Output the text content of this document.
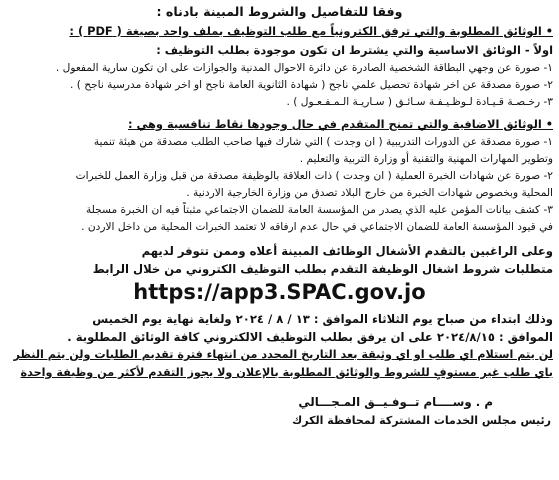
وفقا للتفاصيل والشروط المبينة بادناه :
• الوثائق المطلوبة والتي ترفق الكترونياً مع طلب التوظيف بملف واحد بصيغة ( PDF ) :
اولاً - الوثائق الاساسية والتي يشترط ان تكون موجودة بطلب التوظيف :
١- صورة عن وجهي البطاقة الشخصية الصادرة عن دائرة الاحوال المدنية والجوازات على ان تكون سارية المفعول .
٢- صورة مصدقة عن اخر شهادة تحصيل علمي ناجح ( شهادة الثانوية العامة ناجح او اخر شهادة مدرسية ناجح ) .
٣- رخـصـة قـيـادة لـوظـيـفـة سـائـق ( سـاريـة الـمـفـعـول ) .
• الوثائق الاضافية والتي تمنح المتقدم في حال وجودها نقاط تنافسية وهي :
١- صورة مصدقة عن الدورات التدريبية ( ان وجدت ) التي شارك فيها صاحب الطلب مصدقة من هيئة تنمية
وتطوير المهارات المهنية والتقنية أو وزارة التربية والتعليم .
٢- صورة عن شهادات الخبرة العملية ( ان وجدت ) ذات العلاقة بالوظيفة مصدقة من قبل وزارة العمل للخبرات
المحلية وبخصوص شهادات الخبرة من خارج البلاد تصدق من وزارة الخارجية الاردنية .
٣- كشف بيانات المؤمن عليه الذي يصدر من المؤسسة العامة للضمان الاجتماعي مثبتاً فيه ان الخبرة مسجلة
في قيود المؤسسة العامة للضمان الاجتماعي في حال عدم ارفاقه لا تعتمد الخبرات المحلية من داخل الاردن .
وعلى الراغبين بالتقدم الأشغال الوظائف المبينة أعلاه وممن تتوفر لديهم
متطلبات شروط اشغال الوظيفة التقدم بطلب التوظيف الكتروني من خلال الرابط
https://app3.SPAC.gov.jo
وذلك ابتداء من صباح يوم الثلاثاء الموافق : ١٣ / ٨ / ٢٠٢٤ ولغاية نهاية يوم الخميس
الموافق : ٢٠٢٤/٨/١٥ على ان يرفق بطلب التوظيف الالكتروني كافة الوثائق المطلوبة .
لن يتم استلام اي طلب او اي وثيقة بعد التاريخ المحدد من انتهاء فترة تقديم الطلبات ولن يتم النظر
باي طلب غير مستوفٍ للشروط والوثائق المطلوبة بالإعلان ولا يجوز التقدم لأكثر من وظيفة واحدة
م . وســــام تــوفـيــق المـجـــالي
رئيس مجلس الخدمات المشتركة لمحافظة الكرك
